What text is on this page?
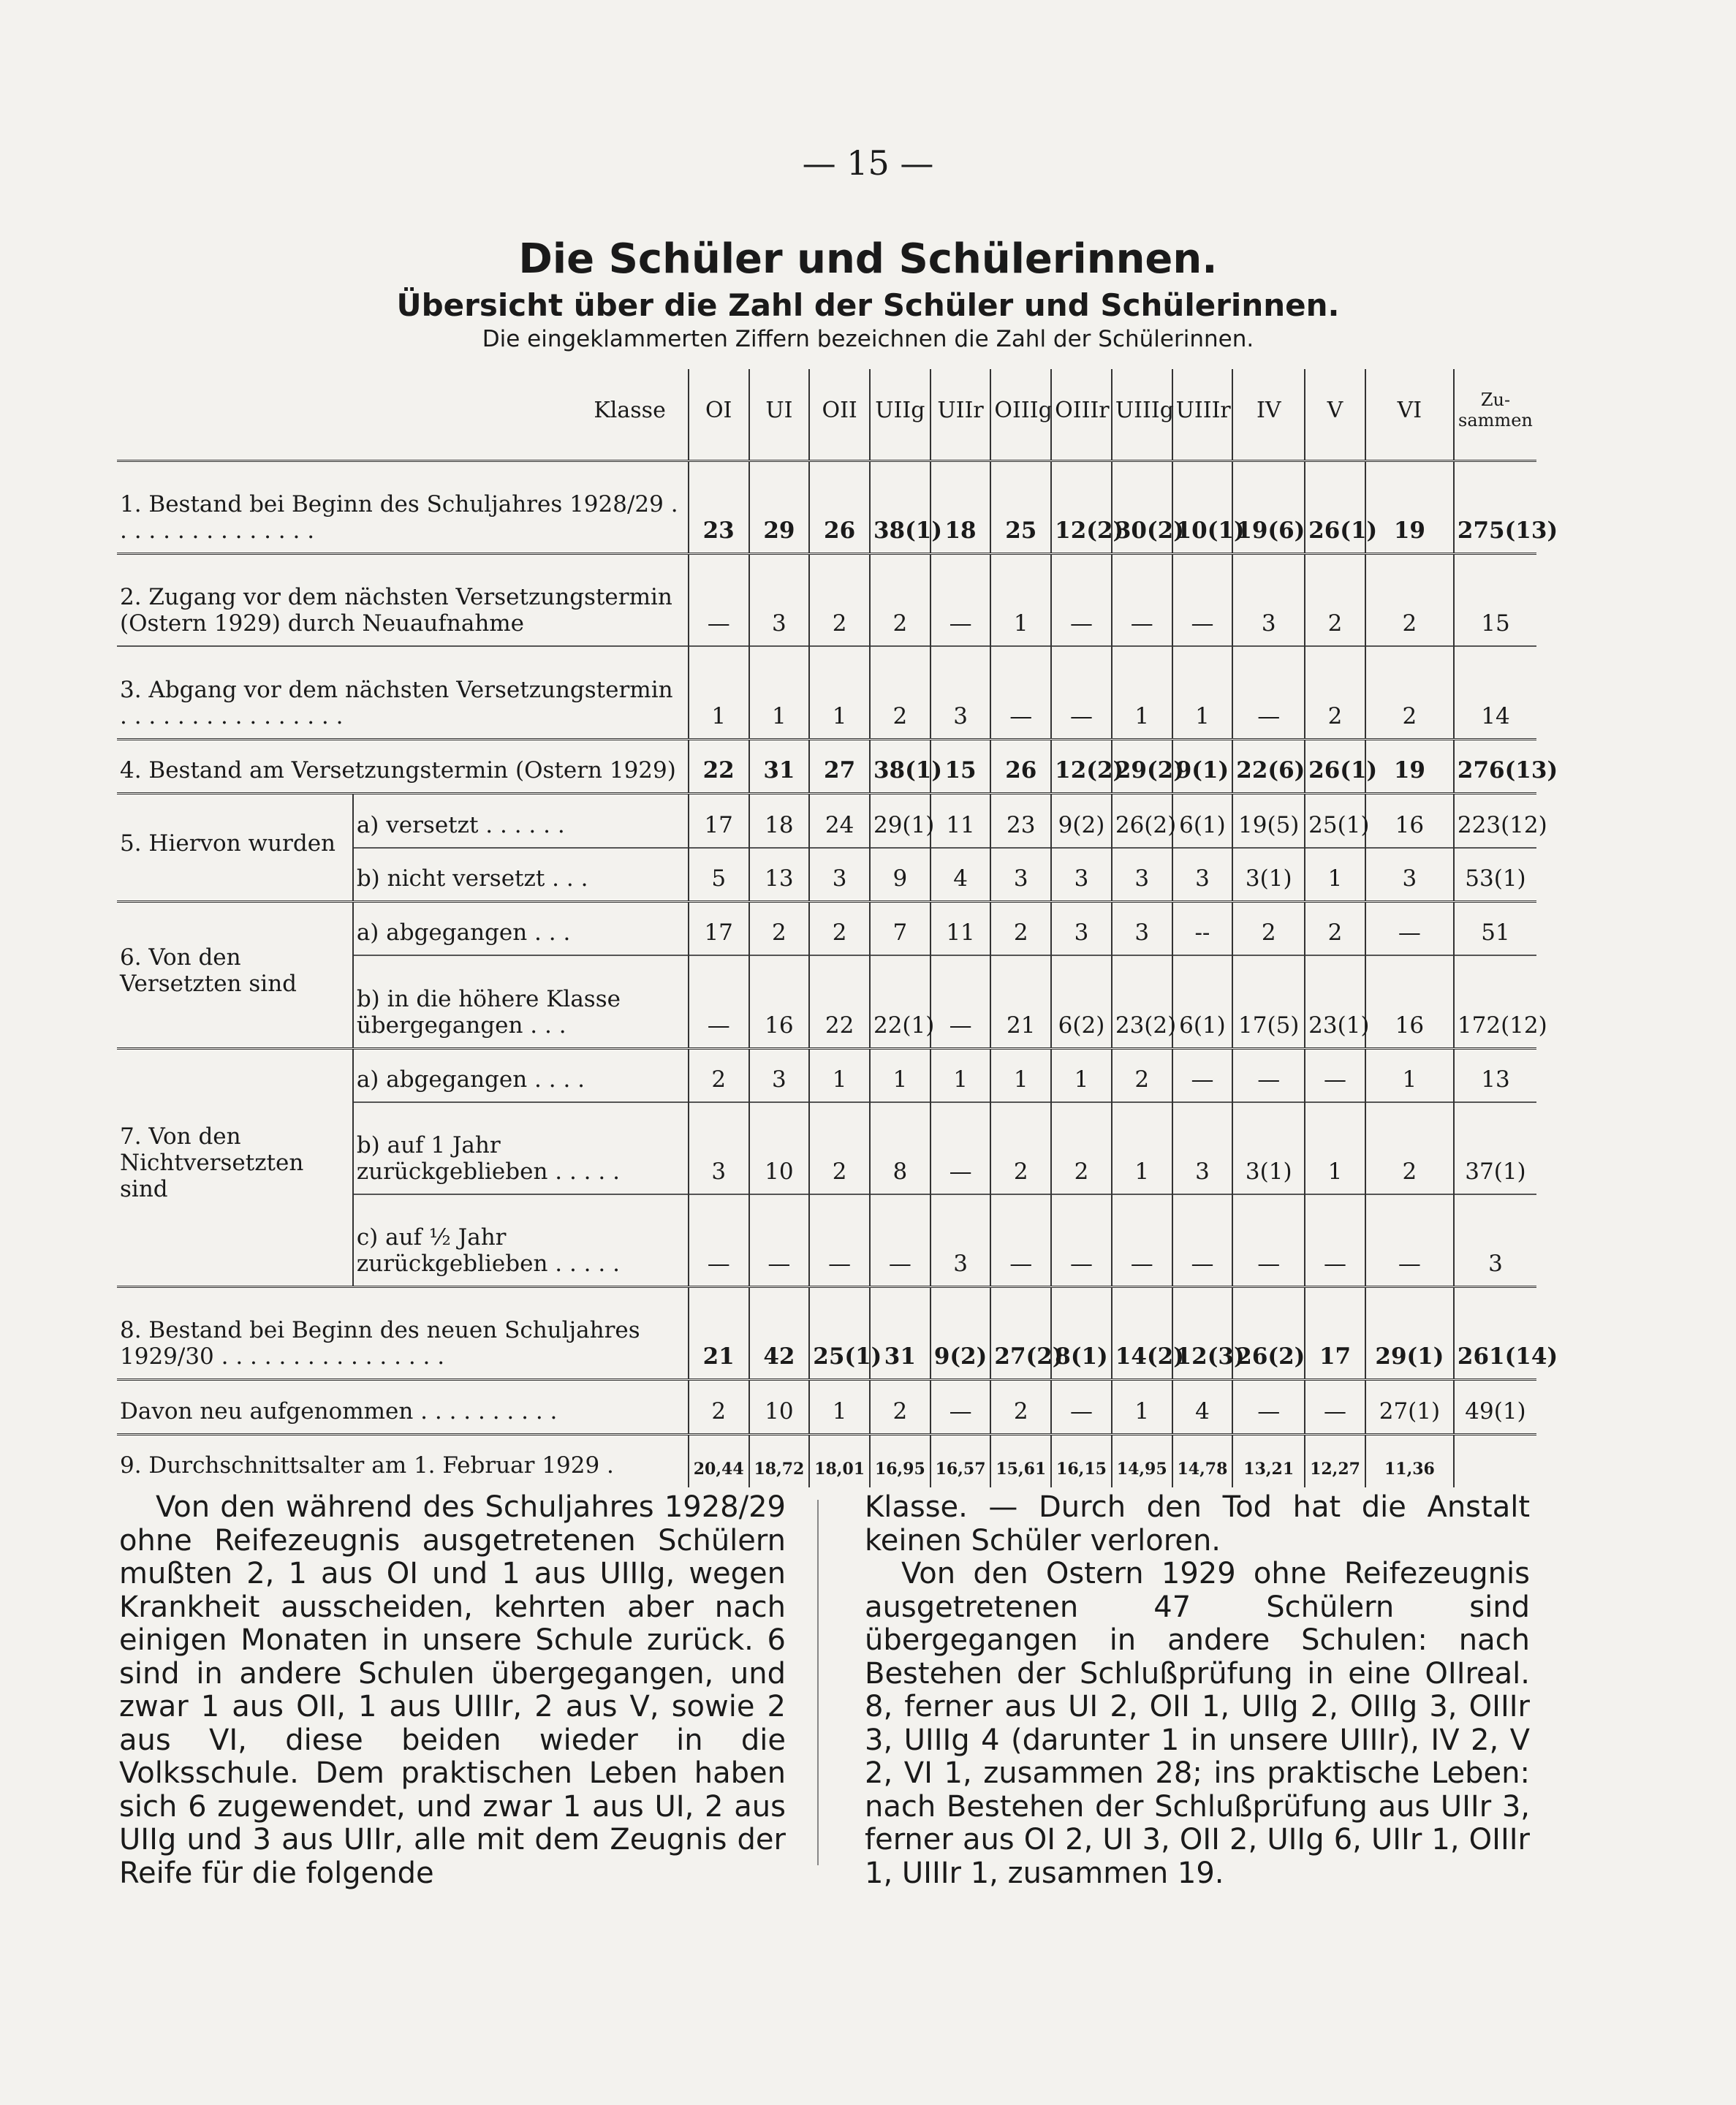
— 15 —
Die Schüler und Schülerinnen.
Übersicht über die Zahl der Schüler und Schülerinnen.
Die eingeklammerten Ziffern bezeichnen die Zahl der Schülerinnen.
Klasse		OI	UI	OII	UIIg	UIIr	OIIIg	OIIIr	UIIIg	UIIIr	IV	V	VI	Zu-sammen
1. Bestand bei Beginn des Schuljahres 1928/29 . . . . . . . . . . . . . . .		23	29	26	38(1)	18	25	12(2)	30(2)	10(1)	19(6)	26(1)	19	275(13)
2. Zugang vor dem nächsten Versetzungstermin (Ostern 1929) durch Neuaufnahme		—	3	2	2	—	1	—	—	—	3	2	2	15
3. Abgang vor dem nächsten Versetzungstermin . . . . . . . . . . . . . . . .		1	1	1	2	3	—	—	1	1	—	2	2	14
4. Bestand am Versetzungstermin (Ostern 1929)		22	31	27	38(1)	15	26	12(2)	29(2)	9(1)	22(6)	26(1)	19	276(13)
5. Hiervon wurden	a) versetzt . . . . . .	17	18	24	29(1)	11	23	9(2)	26(2)	6(1)	19(5)	25(1)	16	223(12)
	b) nicht versetzt . . .	5	13	3	9	4	3	3	3	3	3(1)	1	3	53(1)
6. Von den Versetzten sind	a) abgegangen . . .	17	2	2	7	11	2	3	3	--	2	2	—	51
	b) in die höhere Klasse übergegangen . . .	—	16	22	22(1)	—	21	6(2)	23(2)	6(1)	17(5)	23(1)	16	172(12)
7. Von den Nichtversetzten sind	a) abgegangen . . . .	2	3	1	1	1	1	1	2	—	—	—	1	13
	b) auf 1 Jahr zurückgeblieben . . . . .	3	10	2	8	—	2	2	1	3	3(1)	1	2	37(1)
	c) auf ½ Jahr zurückgeblieben . . . . .	—	—	—	—	3	—	—	—	—	—	—	—	3
8. Bestand bei Beginn des neuen Schuljahres 1929/30 . . . . . . . . . . . . . . . .		21	42	25(1)	31	9(2)	27(2)	8(1)	14(2)	12(3)	26(2)	17	29(1)	261(14)
Davon neu aufgenommen . . . . . . . . . .		2	10	1	2	—	2	—	1	4	—	—	27(1)	49(1)
9. Durchschnittsalter am 1. Februar 1929 .		20,44	18,72	18,01	16,95	16,57	15,61	16,15	14,95	14,78	13,21	12,27	11,36	
Von den während des Schuljahres 1928/29 ohne Reifezeugnis ausgetretenen Schülern mußten 2, 1 aus OI und 1 aus UIIIg, wegen Krankheit ausscheiden, kehrten aber nach einigen Monaten in unsere Schule zurück. 6 sind in andere Schulen übergegangen, und zwar 1 aus OII, 1 aus UIIIr, 2 aus V, sowie 2 aus VI, diese beiden wieder in die Volksschule. Dem praktischen Leben haben sich 6 zugewendet, und zwar 1 aus UI, 2 aus UIIg und 3 aus UIIr, alle mit dem Zeugnis der Reife für die folgende
Klasse. — Durch den Tod hat die Anstalt keinen Schüler verloren.
Von den Ostern 1929 ohne Reifezeugnis ausgetretenen 47 Schülern sind übergegangen in andere Schulen: nach Bestehen der Schlußprüfung in eine OIIreal. 8, ferner aus UI 2, OII 1, UIIg 2, OIIIg 3, OIIIr 3, UIIIg 4 (darunter 1 in unsere UIIIr), IV 2, V 2, VI 1, zusammen 28; ins praktische Leben: nach Bestehen der Schlußprüfung aus UIIr 3, ferner aus OI 2, UI 3, OII 2, UIIg 6, UIIr 1, OIIIr 1, UIIIr 1, zusammen 19.
